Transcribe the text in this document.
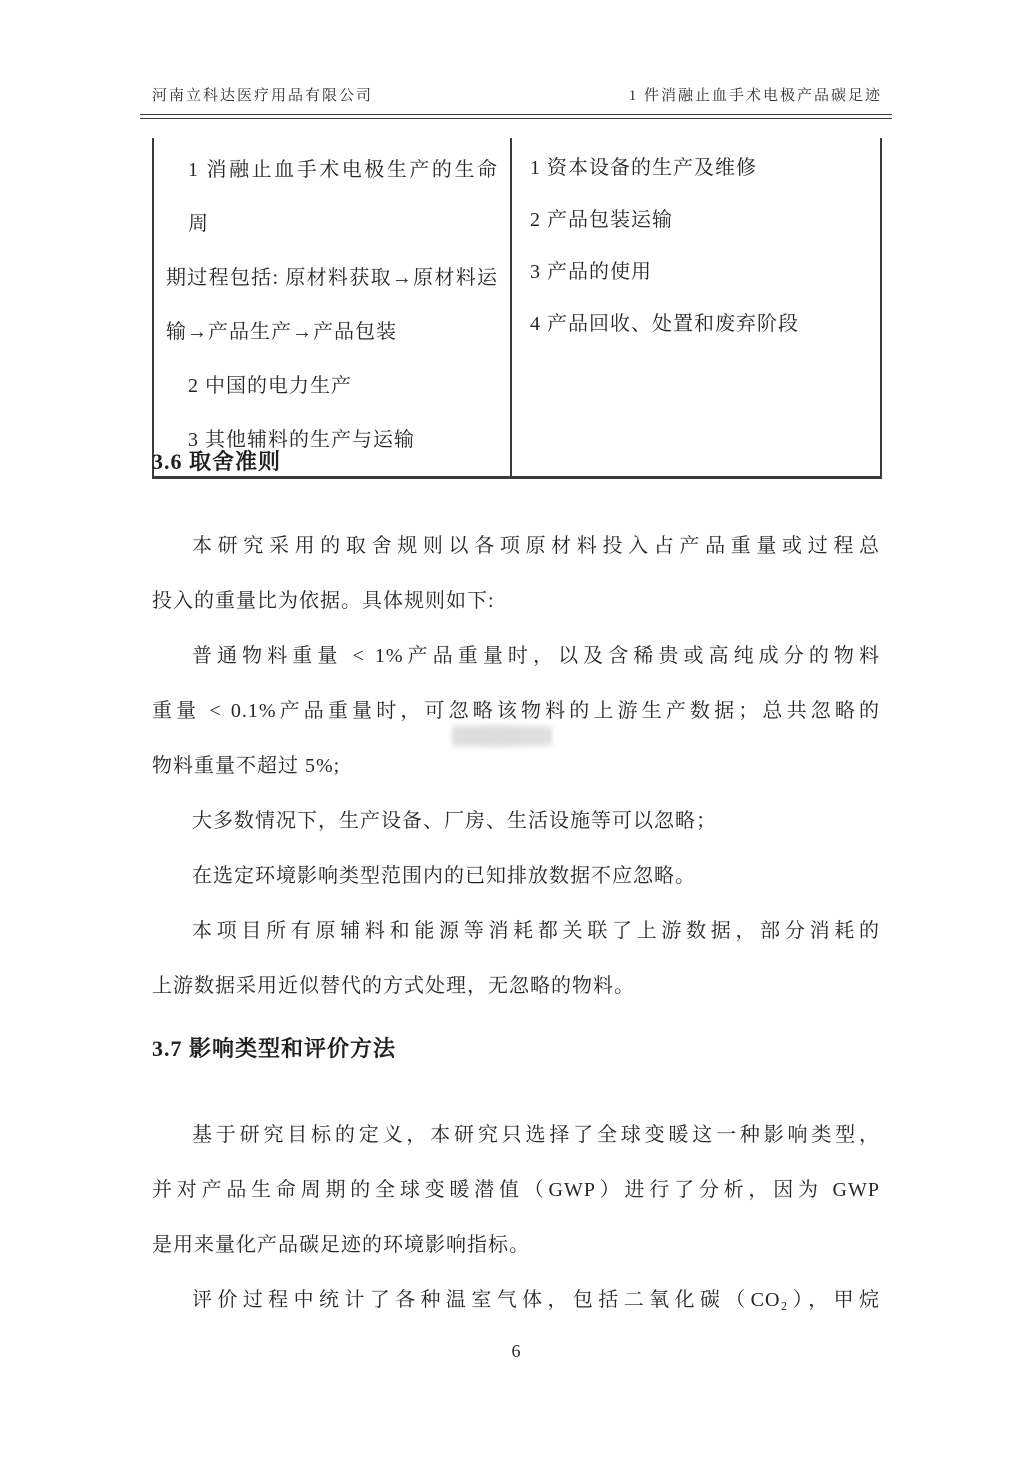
河南立科达医疗用品有限公司	1 件消融止血手术电极产品碳足迹
1 消融止血手术电极生产的生命周
期过程包括: 原材料获取→原材料运
输→产品生产→产品包装
2 中国的电力生产
3 其他辅料的生产与运输
1 资本设备的生产及维修
2 产品包装运输
3 产品的使用
4 产品回收、处置和废弃阶段
3.6 取舍准则
本研究采用的取舍规则以各项原材料投入占产品重量或过程总
投入的重量比为依据。具体规则如下:
普通物料重量 < 1%产品重量时，以及含稀贵或高纯成分的物料
重量 < 0.1%产品重量时，可忽略该物料的上游生产数据；总共忽略的
物料重量不超过 5%;
大多数情况下，生产设备、厂房、生活设施等可以忽略；
在选定环境影响类型范围内的已知排放数据不应忽略。
本项目所有原辅料和能源等消耗都关联了上游数据，部分消耗的
上游数据采用近似替代的方式处理，无忽略的物料。
3.7 影响类型和评价方法
基于研究目标的定义，本研究只选择了全球变暖这一种影响类型，
并对产品生命周期的全球变暖潜值（GWP）进行了分析，因为 GWP
是用来量化产品碳足迹的环境影响指标。
评价过程中统计了各种温室气体，包括二氧化碳（CO₂），甲烷
6
